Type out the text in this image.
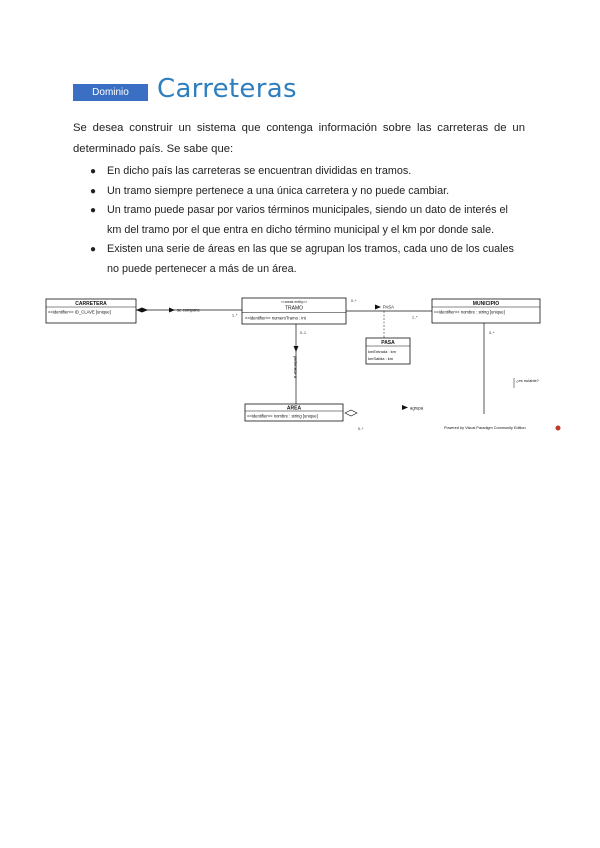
Dominio	Carreteras

Se desea construir un sistema que contenga información sobre las carreteras de un determinado país. Se sabe que:

● En dicho país las carreteras se encuentran divididas en tramos.
● Un tramo siempre pertenece a una única carretera y no puede cambiar.
● Un tramo puede pasar por varios términos municipales, siendo un dato de interés el km del tramo por el que entra en dicho término municipal y el km por donde sale.
● Existen una serie de áreas en las que se agrupan los tramos, cada uno de los cuales no puede pertenecer a más de un área.
CARRETERA
<<identifier>> ID_CLAVE [unique]	se compone
1..*
<<weak entity>>
TRAMO
<<identifier>> numeroTramo : int
PASA
0..*
1..*
PASA
kmEntrada : km
kmSalida : km
MUNICIPIO
<<identifier>> nombre : string [unique]
0..*
0..1
pertenece a
AREA
<<identifier>> nombre : string [unique]
0..*
agrupa
¿es nulable?
Powered by Visual Paradigm Community Edition
